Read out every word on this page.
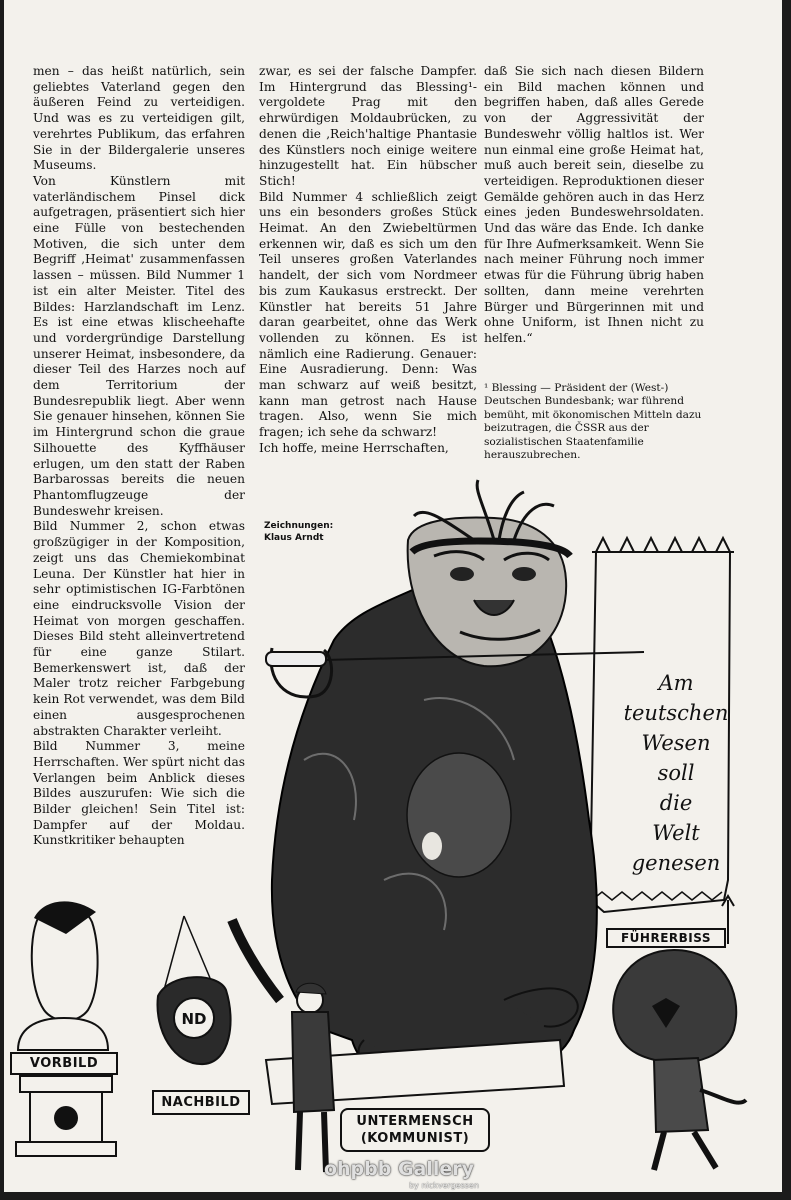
men – das heißt natürlich, sein geliebtes Vaterland gegen den äußeren Feind zu verteidigen. Und was es zu verteidigen gilt, verehrtes Publikum, das erfahren Sie in der Bildergalerie unseres Museums.
Von Künstlern mit vaterländischem Pinsel dick aufgetragen, präsentiert sich hier eine Fülle von bestechenden Motiven, die sich unter dem Begriff ‚Heimat' zusammenfassen lassen – müssen. Bild Nummer 1 ist ein alter Meister. Titel des Bildes: Harzlandschaft im Lenz. Es ist eine etwas klischeehafte und vordergründige Darstellung unserer Heimat, insbesondere, da dieser Teil des Harzes noch auf dem Territorium der Bundesrepublik liegt. Aber wenn Sie genauer hinsehen, können Sie im Hintergrund schon die graue Silhouette des Kyffhäuser erlugen, um den statt der Raben Barbarossas bereits die neuen Phantomflugzeuge der Bundeswehr kreisen.
Bild Nummer 2, schon etwas großzügiger in der Komposition, zeigt uns das Chemiekombinat Leuna. Der Künstler hat hier in sehr optimistischen IG-Farbtönen eine eindrucksvolle Vision der Heimat von morgen geschaffen. Dieses Bild steht alleinvertretend für eine ganze Stilart. Bemerkenswert ist, daß der Maler trotz reicher Farbgebung kein Rot verwendet, was dem Bild einen ausgesprochenen abstrakten Charakter verleiht.
Bild Nummer 3, meine Herrschaften. Wer spürt nicht das Verlangen beim Anblick dieses Bildes auszurufen: Wie sich die Bilder gleichen! Sein Titel ist: Dampfer auf der Moldau. Kunstkritiker behaupten
zwar, es sei der falsche Dampfer. Im Hintergrund das Blessing¹-vergoldete Prag mit den ehrwürdigen Moldaubrücken, zu denen die ‚Reich'haltige Phantasie des Künstlers noch einige weitere hinzugestellt hat. Ein hübscher Stich!
Bild Nummer 4 schließlich zeigt uns ein besonders großes Stück Heimat. An den Zwiebeltürmen erkennen wir, daß es sich um den Teil unseres großen Vaterlandes handelt, der sich vom Nordmeer bis zum Kaukasus erstreckt. Der Künstler hat bereits 51 Jahre daran gearbeitet, ohne das Werk vollenden zu können. Es ist nämlich eine Radierung. Genauer: Eine Ausradierung. Denn: Was man schwarz auf weiß besitzt, kann man getrost nach Hause tragen. Also, wenn Sie mich fragen; ich sehe da schwarz!
Ich hoffe, meine Herrschaften,
daß Sie sich nach diesen Bildern ein Bild machen können und begriffen haben, daß alles Gerede von der Aggressivität der Bundeswehr völlig haltlos ist. Wer nun einmal eine große Heimat hat, muß auch bereit sein, dieselbe zu verteidigen. Reproduktionen dieser Gemälde gehören auch in das Herz eines jeden Bundeswehrsoldaten. Und das wäre das Ende. Ich danke für Ihre Aufmerksamkeit. Wenn Sie nach meiner Führung noch immer etwas für die Führung übrig haben sollten, dann meine verehrten Bürger und Bürgerinnen mit und ohne Uniform, ist Ihnen nicht zu helfen.“
¹ Blessing — Präsident der (West-) Deutschen Bundesbank; war führend bemüht, mit ökonomischen Mitteln dazu beizutragen, die ČSSR aus der sozialistischen Staatenfamilie herauszubrechen.
Zeichnungen:
Klaus Arndt
ND
Am
teutschen
Wesen
soll
die
Welt
genesen
VORBILD
NACHBILD
FÜHRERBISS
UNTERMENSCH
(KOMMUNIST)
ohpbb Gallery
by nickvergessen
